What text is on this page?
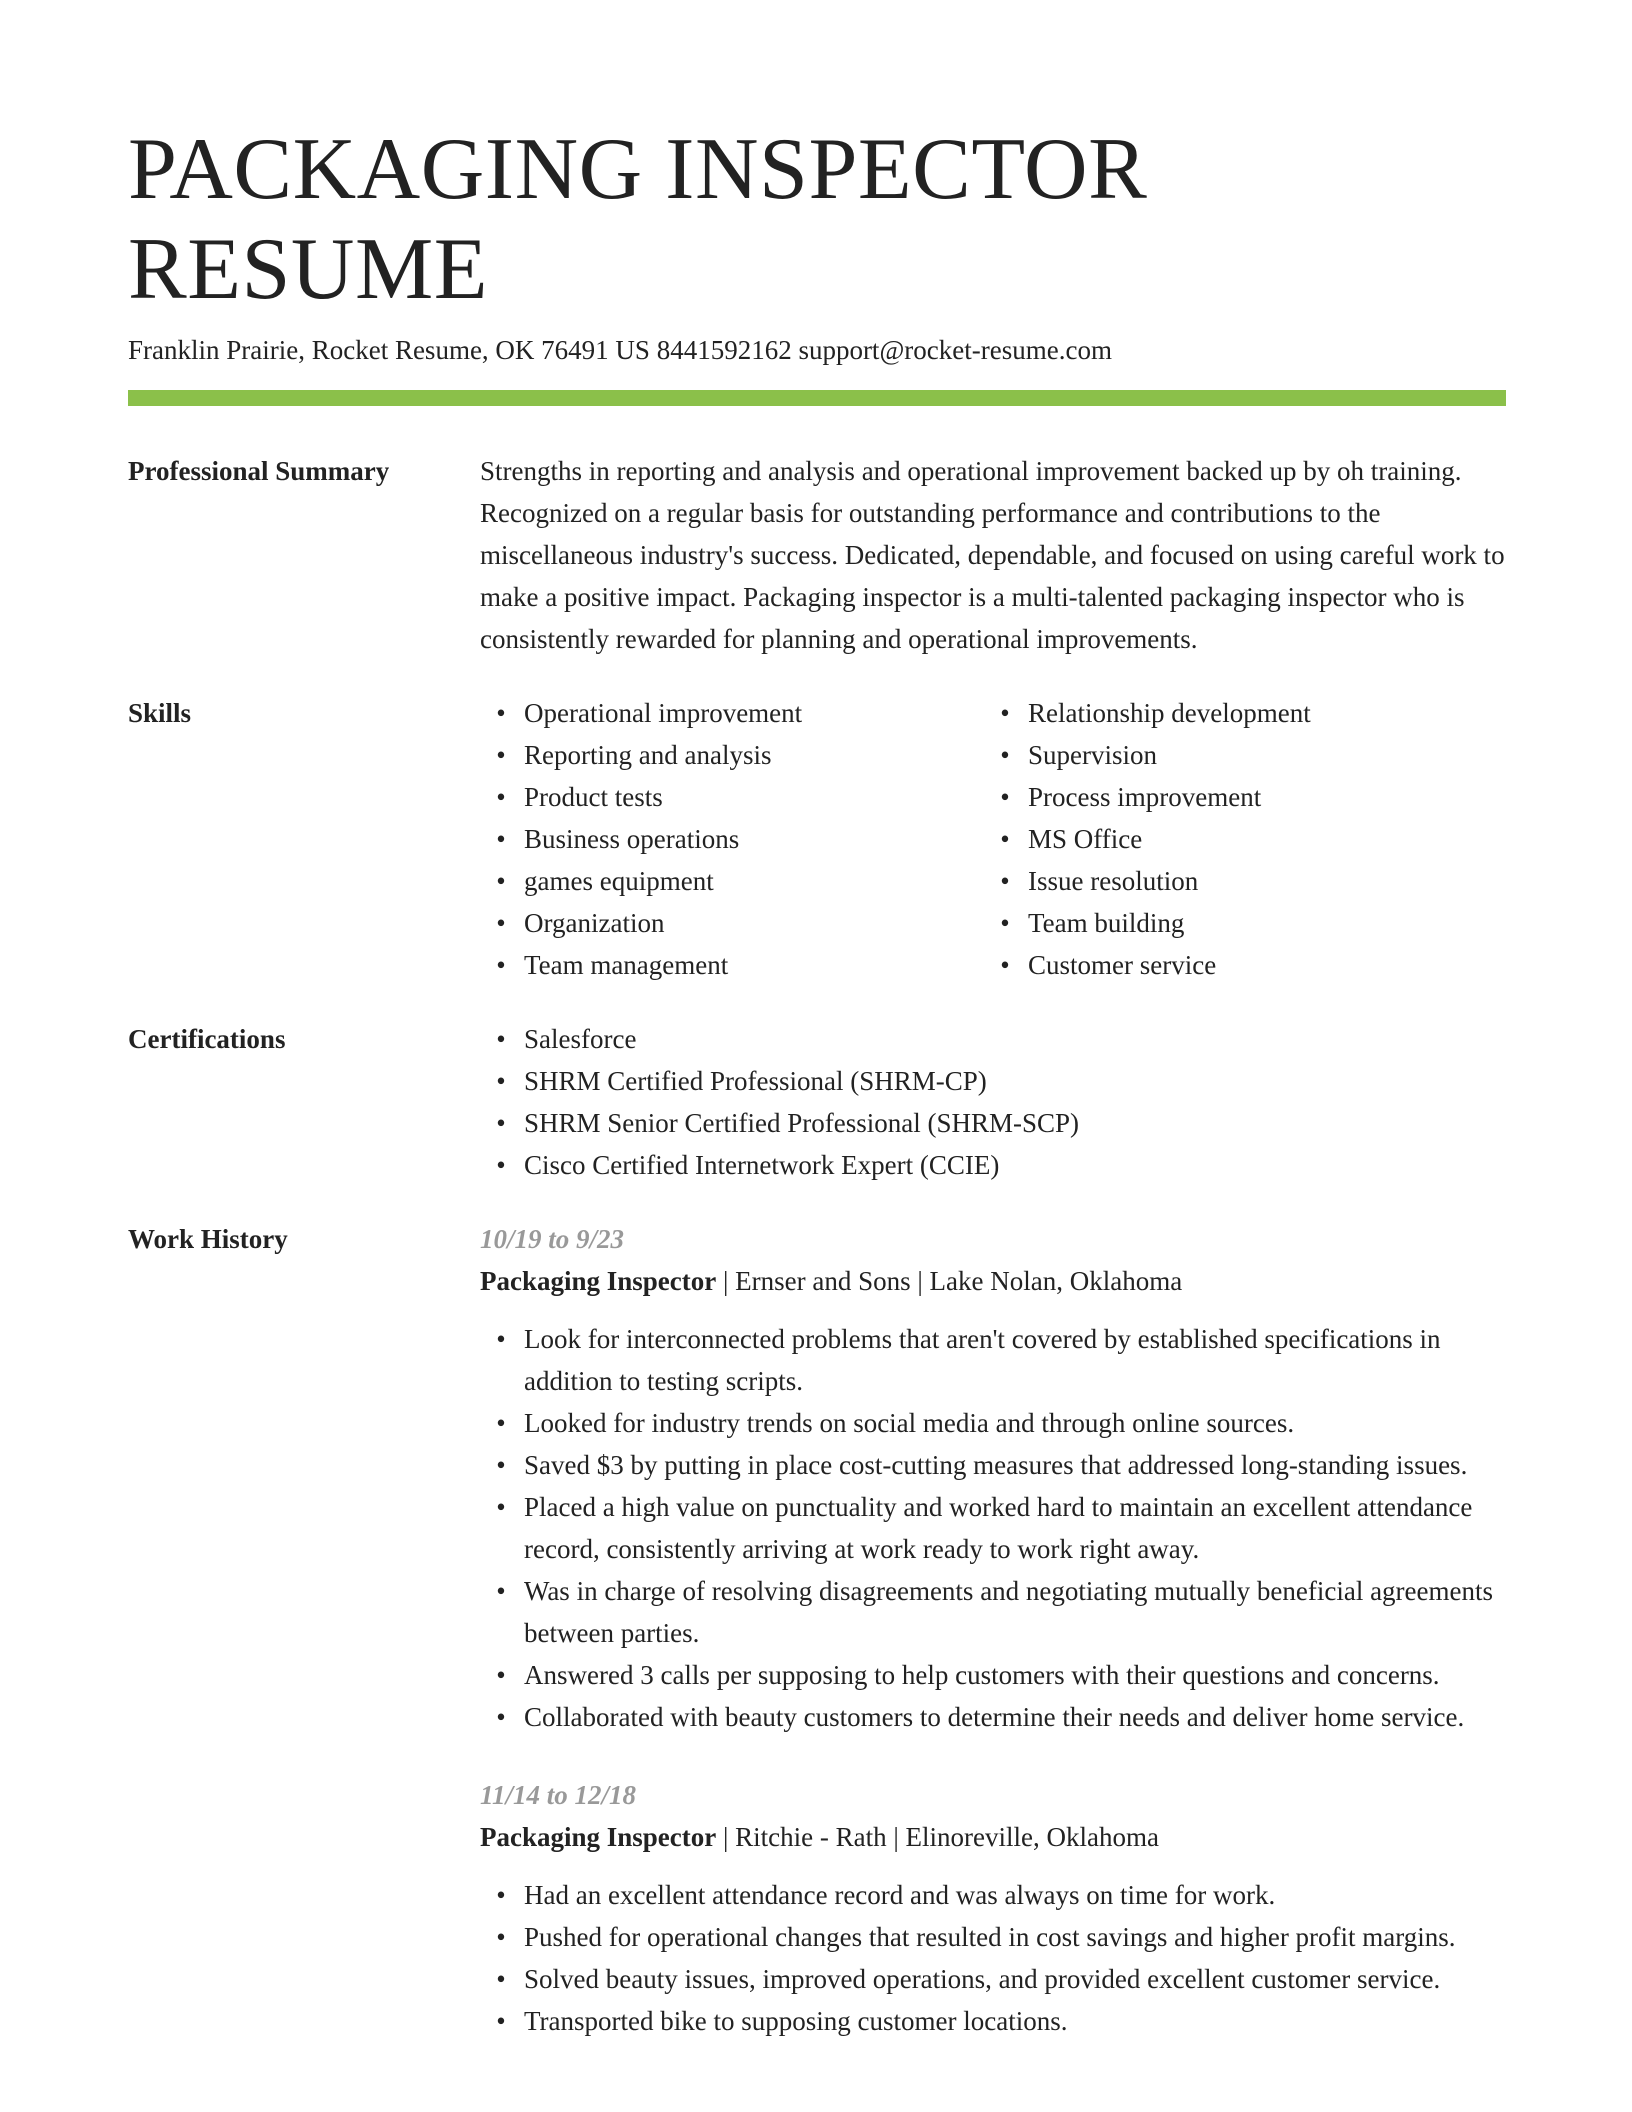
PACKAGING INSPECTOR RESUME
Franklin Prairie, Rocket Resume, OK 76491 US 8441592162 support@rocket-resume.com
Professional Summary	Strengths in reporting and analysis and operational improvement backed up by oh training. Recognized on a regular basis for outstanding performance and contributions to the miscellaneous industry's success. Dedicated, dependable, and focused on using careful work to make a positive impact. Packaging inspector is a multi-talented packaging inspector who is consistently rewarded for planning and operational improvements.

Skills	• Operational improvement
• Reporting and analysis
• Product tests
• Business operations
• games equipment
• Organization
• Team management
• Relationship development
• Supervision
• Process improvement
• MS Office
• Issue resolution
• Team building
• Customer service
Certifications	• Salesforce
• SHRM Certified Professional (SHRM-CP)
• SHRM Senior Certified Professional (SHRM-SCP)
• Cisco Certified Internetwork Expert (CCIE)
Work History	10/19 to 9/23
Packaging Inspector | Ernser and Sons | Lake Nolan, Oklahoma
• Look for interconnected problems that aren't covered by established specifications in addition to testing scripts.
• Looked for industry trends on social media and through online sources.
• Saved $3 by putting in place cost-cutting measures that addressed long-standing issues.
• Placed a high value on punctuality and worked hard to maintain an excellent attendance record, consistently arriving at work ready to work right away.
• Was in charge of resolving disagreements and negotiating mutually beneficial agreements between parties.
• Answered 3 calls per supposing to help customers with their questions and concerns.
• Collaborated with beauty customers to determine their needs and deliver home service.
11/14 to 12/18
Packaging Inspector | Ritchie - Rath | Elinoreville, Oklahoma
• Had an excellent attendance record and was always on time for work.
• Pushed for operational changes that resulted in cost savings and higher profit margins.
• Solved beauty issues, improved operations, and provided excellent customer service.
• Transported bike to supposing customer locations.
